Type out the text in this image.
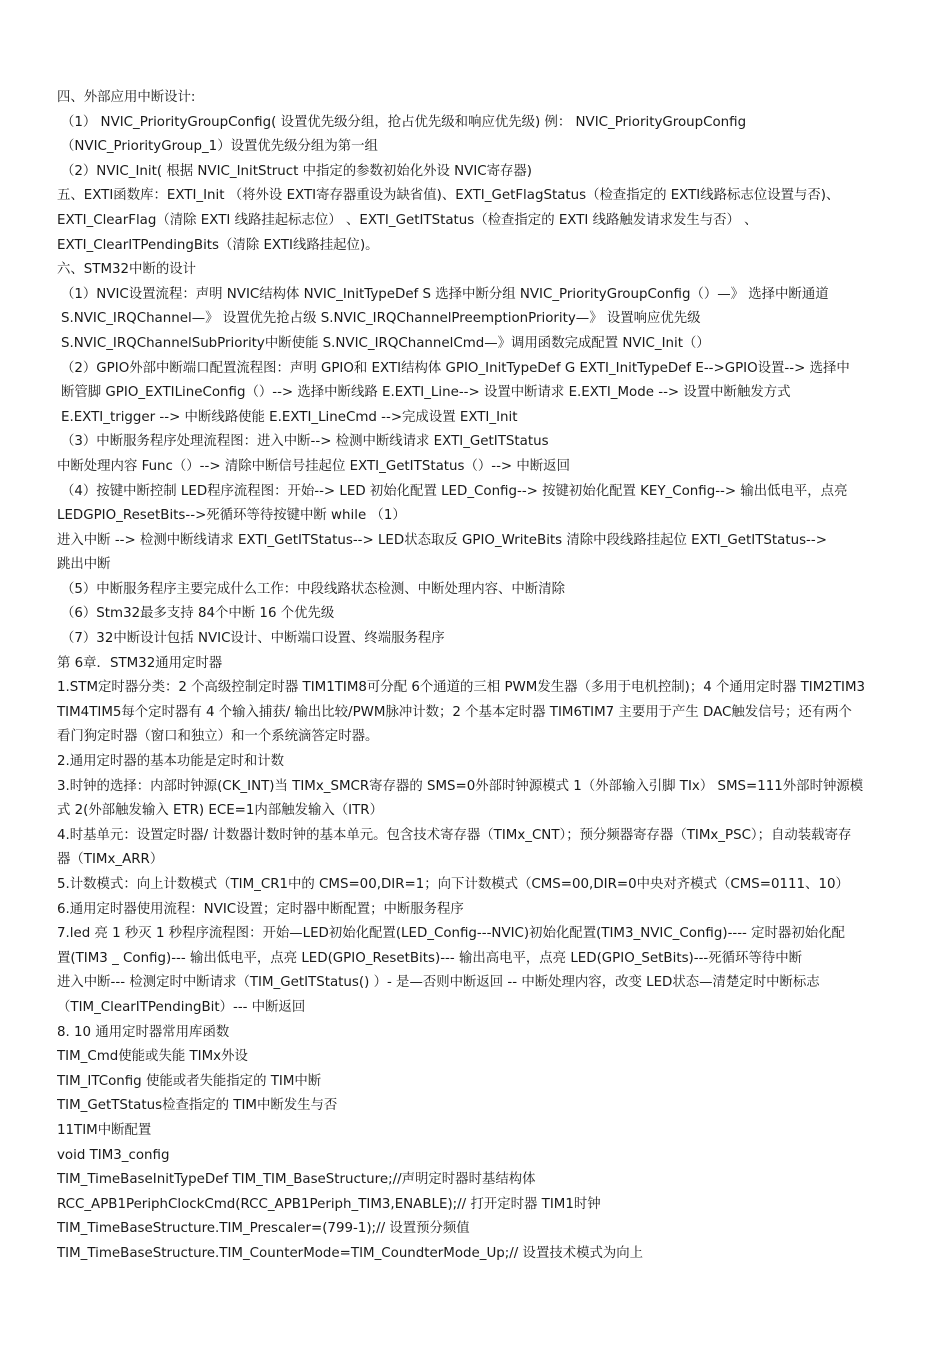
四、外部应用中断设计:
（1） NVIC_PriorityGroupConfig( 设置优先级分组，抢占优先级和响应优先级) 例： NVIC_PriorityGroupConfig
（NVIC_PriorityGroup_1）设置优先级分组为第一组
（2）NVIC_Init( 根据 NVIC_InitStruct 中指定的参数初始化外设 NVIC寄存器)
五、EXTI函数库：EXTI_Init （将外设 EXTI寄存器重设为缺省值)、EXTI_GetFlagStatus（检查指定的 EXTI线路标志位设置与否)、
EXTI_ClearFlag（清除 EXTI 线路挂起标志位） 、EXTI_GetITStatus（检查指定的 EXTI 线路触发请求发生与否） 、
EXTI_ClearITPendingBits（清除 EXTI线路挂起位)。
六、STM32中断的设计
（1）NVIC设置流程：声明 NVIC结构体 NVIC_InitTypeDef S 选择中断分组 NVIC_PriorityGroupConfig（）—》 选择中断通道
S.NVIC_IRQChannel—》 设置优先抢占级 S.NVIC_IRQChannelPreemptionPriority—》 设置响应优先级
S.NVIC_IRQChannelSubPriority中断使能 S.NVIC_IRQChannelCmd—》调用函数完成配置 NVIC_Init（）
（2）GPIO外部中断端口配置流程图：声明 GPIO和 EXTI结构体 GPIO_InitTypeDef G EXTI_InitTypeDef E-->GPIO设置--> 选择中
断管脚 GPIO_EXTILineConfig（）--> 选择中断线路 E.EXTI_Line--> 设置中断请求 E.EXTI_Mode --> 设置中断触发方式
E.EXTI_trigger --> 中断线路使能 E.EXTI_LineCmd -->完成设置 EXTI_Init
（3）中断服务程序处理流程图：进入中断--> 检测中断线请求 EXTI_GetITStatus
中断处理内容 Func（）--> 清除中断信号挂起位 EXTI_GetITStatus（）--> 中断返回
（4）按键中断控制 LED程序流程图：开始--> LED 初始化配置 LED_Config--> 按键初始化配置 KEY_Config--> 输出低电平，点亮
LEDGPIO_ResetBits-->死循环等待按键中断 while （1）
进入中断 --> 检测中断线请求 EXTI_GetITStatus--> LED状态取反 GPIO_WriteBits 清除中段线路挂起位 EXTI_GetITStatus-->
跳出中断
（5）中断服务程序主要完成什么工作：中段线路状态检测、中断处理内容、中断清除
（6）Stm32最多支持 84个中断 16 个优先级
（7）32中断设计包括 NVIC设计、中断端口设置、终端服务程序
第 6章．STM32通用定时器
1.STM定时器分类：2 个高级控制定时器 TIM1TIM8可分配 6个通道的三相 PWM发生器（多用于电机控制)；4 个通用定时器 TIM2TIM3
TIM4TIM5每个定时器有 4 个输入捕获/ 输出比较/PWM脉冲计数；2 个基本定时器 TIM6TIM7 主要用于产生 DAC触发信号；还有两个
看门狗定时器（窗口和独立）和一个系统滴答定时器。
2.通用定时器的基本功能是定时和计数
3.时钟的选择：内部时钟源(CK_INT)当 TIMx_SMCR寄存器的 SMS=0外部时钟源模式 1（外部输入引脚 TIx） SMS=111外部时钟源模
式 2(外部触发输入 ETR) ECE=1内部触发输入（ITR）
4.时基单元：设置定时器/ 计数器计数时钟的基本单元。包含技术寄存器（TIMx_CNT）；预分频器寄存器（TIMx_PSC）；自动装载寄存
器（TIMx_ARR）
5.计数模式：向上计数模式（TIM_CR1中的 CMS=00,DIR=1；向下计数模式（CMS=00,DIR=0中央对齐模式（CMS=0111、10）
6.通用定时器使用流程：NVIC设置；定时器中断配置；中断服务程序
7.led 亮 1 秒灭 1 秒程序流程图：开始—LED初始化配置(LED_Config---NVIC)初始化配置(TIM3_NVIC_Config)---- 定时器初始化配
置(TIM3 _ Config)--- 输出低电平，点亮 LED(GPIO_ResetBits)--- 输出高电平，点亮 LED(GPIO_SetBits)---死循环等待中断
进入中断--- 检测定时中断请求（TIM_GetITStatus() ）- 是—否则中断返回 -- 中断处理内容，改变 LED状态—清楚定时中断标志
（TIM_ClearITPendingBit）--- 中断返回
8. 10 通用定时器常用库函数
TIM_Cmd使能或失能 TIMx外设
TIM_ITConfig 使能或者失能指定的 TIM中断
TIM_GetTStatus检查指定的 TIM中断发生与否
11TIM中断配置
void TIM3_config
TIM_TimeBaseInitTypeDef TIM_TIM_BaseStructure;//声明定时器时基结构体
RCC_APB1PeriphClockCmd(RCC_APB1Periph_TIM3,ENABLE);// 打开定时器 TIM1时钟
TIM_TimeBaseStructure.TIM_Prescaler=(799-1);// 设置预分频值
TIM_TimeBaseStructure.TIM_CounterMode=TIM_CoundterMode_Up;// 设置技术模式为向上
